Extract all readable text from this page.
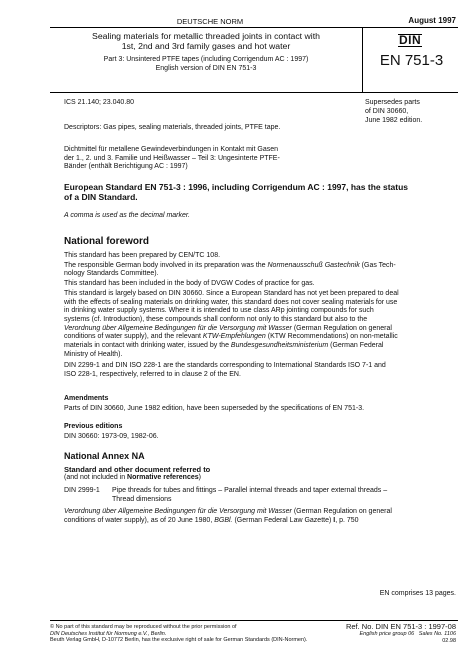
DEUTSCHE NORM	August 1997
Sealing materials for metallic threaded joints in contact with
1st, 2nd and 3rd family gases and hot water
Part 3: Unsintered PTFE tapes (including Corrigendum AC : 1997)
English version of DIN EN 751-3
DIN
EN 751-3
ICS 21.140; 23.040.80
Descriptors: Gas pipes, sealing materials, threaded joints, PTFE tape.
Supersedes parts
of DIN 30660,
June 1982 edition.
Dichtmittel für metallene Gewindeverbindungen in Kontakt mit Gasen
der 1., 2. und 3. Familie und Heißwasser – Teil 3: Ungesinterte PTFE-
Bänder (enthält Berichtigung AC : 1997)
European Standard EN 751-3 : 1996, including Corrigendum AC : 1997, has the status
of a DIN Standard.
A comma is used as the decimal marker.
National foreword
This standard has been prepared by CEN/TC 108.
The responsible German body involved in its preparation was the Normenausschuß Gastechnik (Gas Tech-
nology Standards Committee).
This standard has been included in the body of DVGW Codes of practice for gas.
This standard is largely based on DIN 30660. Since a European Standard has not yet been prepared to deal
with the effects of sealing materials on drinking water, this standard does not cover sealing materials for use
in drinking water supply systems. Where it is intended to use class ARp jointing compounds for such
systems (cf. Introduction), these compounds shall conform not only to this standard but also to the
Verordnung über Allgemeine Bedingungen für die Versorgung mit Wasser (German Regulation on general
conditions of water supply), and the relevant KTW-Empfehlungen (KTW Recommendations) on non-metallic
materials in contact with drinking water, issued by the Bundesgesundheitsministerium (German Federal
Ministry of Health).
DIN 2299-1 and DIN ISO 228-1 are the standards corresponding to International Standards ISO 7-1 and
ISO 228-1, respectively, referred to in clause 2 of the EN.
Amendments
Parts of DIN 30660, June 1982 edition, have been superseded by the specifications of EN 751-3.
Previous editions
DIN 30660: 1973-09, 1982-06.
National Annex NA
Standard and other document referred to
(and not included in Normative references)
DIN 2999-1 Pipe threads for tubes and fittings – Parallel internal threads and taper external threads –
Thread dimensions
Verordnung über Allgemeine Bedingungen für die Versorgung mit Wasser (German Regulation on general
conditions of water supply), as of 20 June 1980, BGBl. (German Federal Law Gazette) I, p. 750
EN comprises 13 pages.
© No part of this standard may be reproduced without the prior permission of
DIN Deutsches Institut für Normung e.V., Berlin.
Beuth Verlag GmbH, D-10772 Berlin, has the exclusive right of sale for German Standards (DIN-Normen).
Ref. No. DIN EN 751-3 : 1997-08
English price group 06 Sales No. 1106
02.98
